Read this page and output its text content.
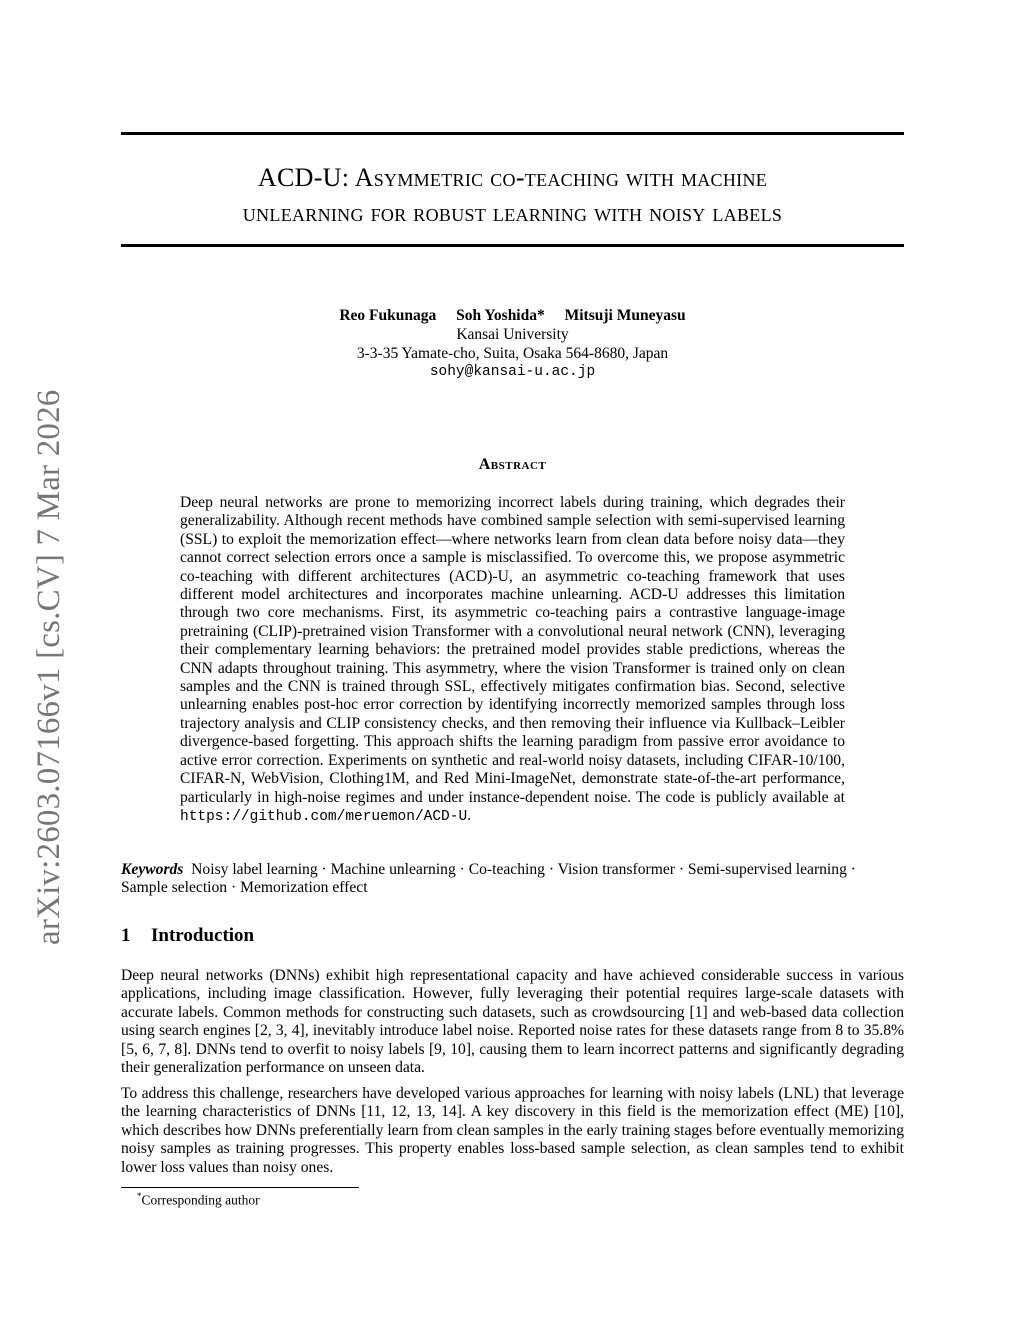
arXiv:2603.07166v1 [cs.CV] 7 Mar 2026
ACD-U: Asymmetric co-teaching with machine
unlearning for robust learning with noisy labels
Reo Fukunaga Soh Yoshida* Mitsuji Muneyasu
Kansai University
3-3-35 Yamate-cho, Suita, Osaka 564-8680, Japan
sohy@kansai-u.ac.jp
Abstract
Deep neural networks are prone to memorizing incorrect labels during training, which degrades their generalizability. Although recent methods have combined sample selection with semi-supervised learning (SSL) to exploit the memorization effect—where networks learn from clean data before noisy data—they cannot correct selection errors once a sample is misclassified. To overcome this, we propose asymmetric co-teaching with different architectures (ACD)-U, an asymmetric co-teaching framework that uses different model architectures and incorporates machine unlearning. ACD-U addresses this limitation through two core mechanisms. First, its asymmetric co-teaching pairs a contrastive language-image pretraining (CLIP)-pretrained vision Transformer with a convolutional neural network (CNN), leveraging their complementary learning behaviors: the pretrained model provides stable predictions, whereas the CNN adapts throughout training. This asymmetry, where the vision Transformer is trained only on clean samples and the CNN is trained through SSL, effectively mitigates confirmation bias. Second, selective unlearning enables post-hoc error correction by identifying incorrectly memorized samples through loss trajectory analysis and CLIP consistency checks, and then removing their influence via Kullback–Leibler divergence-based forgetting. This approach shifts the learning paradigm from passive error avoidance to active error correction. Experiments on synthetic and real-world noisy datasets, including CIFAR-10/100, CIFAR-N, WebVision, Clothing1M, and Red Mini-ImageNet, demonstrate state-of-the-art performance, particularly in high-noise regimes and under instance-dependent noise. The code is publicly available at https://github.com/meruemon/ACD-U.
Keywords Noisy label learning · Machine unlearning · Co-teaching · Vision transformer · Semi-supervised learning · Sample selection · Memorization effect
1 Introduction
Deep neural networks (DNNs) exhibit high representational capacity and have achieved considerable success in various applications, including image classification. However, fully leveraging their potential requires large-scale datasets with accurate labels. Common methods for constructing such datasets, such as crowdsourcing [1] and web-based data collection using search engines [2, 3, 4], inevitably introduce label noise. Reported noise rates for these datasets range from 8 to 35.8% [5, 6, 7, 8]. DNNs tend to overfit to noisy labels [9, 10], causing them to learn incorrect patterns and significantly degrading their generalization performance on unseen data.
To address this challenge, researchers have developed various approaches for learning with noisy labels (LNL) that leverage the learning characteristics of DNNs [11, 12, 13, 14]. A key discovery in this field is the memorization effect (ME) [10], which describes how DNNs preferentially learn from clean samples in the early training stages before eventually memorizing noisy samples as training progresses. This property enables loss-based sample selection, as clean samples tend to exhibit lower loss values than noisy ones.
*Corresponding author
